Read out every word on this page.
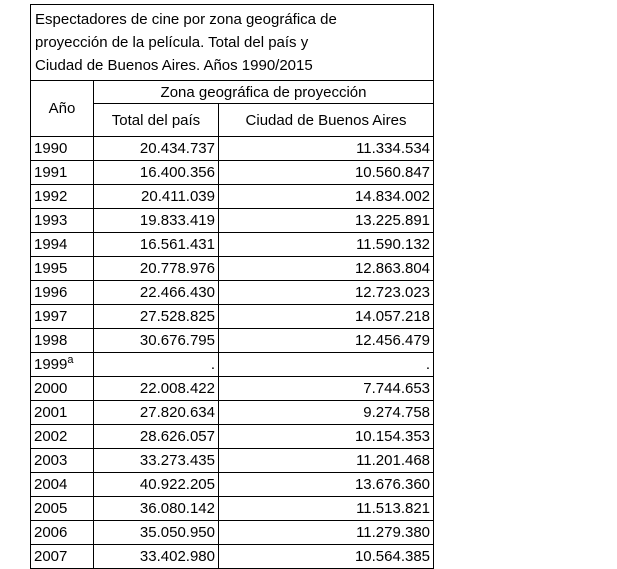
Espectadores de cine por zona geográfica de
proyección de la película. Total del país y
Ciudad de Buenos Aires. Años 1990/2015		

Año	Zona geográfica de proyección	
	Total del país	Ciudad de Buenos Aires
1990	20.434.737	11.334.534
1991	16.400.356	10.560.847
1992	20.411.039	14.834.002
1993	19.833.419	13.225.891
1994	16.561.431	11.590.132
1995	20.778.976	12.863.804
1996	22.466.430	12.723.023
1997	27.528.825	14.057.218
1998	30.676.795	12.456.479
1999$^a$	.	.
2000	22.008.422	7.744.653
2001	27.820.634	9.274.758
2002	28.626.057	10.154.353
2003	33.273.435	11.201.468
2004	40.922.205	13.676.360
2005	36.080.142	11.513.821
2006	35.050.950	11.279.380
2007	33.402.980	10.564.385
